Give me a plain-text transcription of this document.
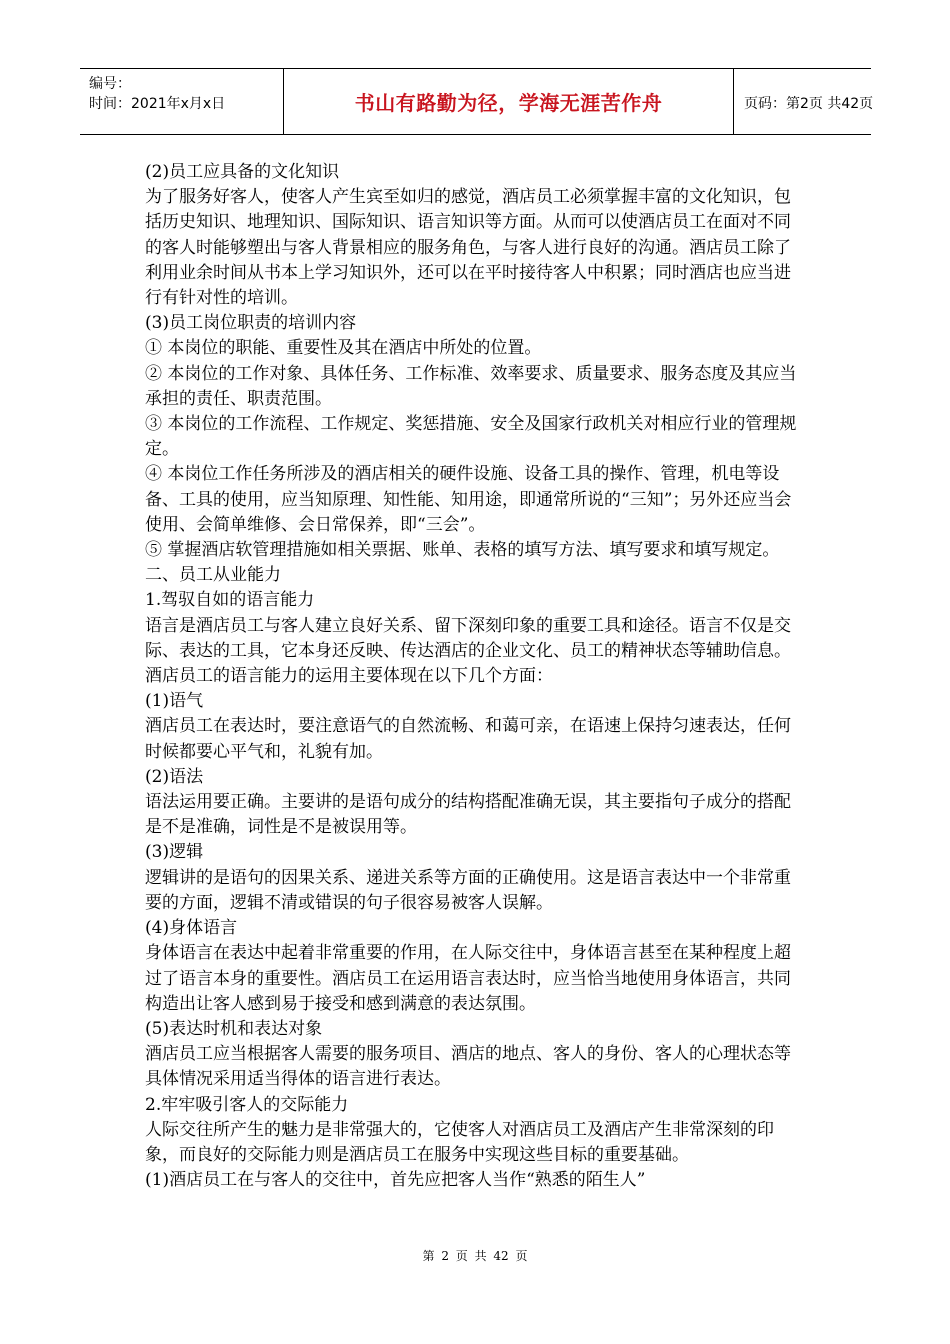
编号：
时间：2021年x月x日	书山有路勤为径，学海无涯苦作舟	页码：第2页 共42页

(2)员工应具备的文化知识

为了服务好客人，使客人产生宾至如归的感觉，酒店员工必须掌握丰富的文化知识，包括历史知识、地理知识、国际知识、语言知识等方面。从而可以使酒店员工在面对不同的客人时能够塑出与客人背景相应的服务角色，与客人进行良好的沟通。酒店员工除了利用业余时间从书本上学习知识外，还可以在平时接待客人中积累；同时酒店也应当进行有针对性的培训。

(3)员工岗位职责的培训内容

① 本岗位的职能、重要性及其在酒店中所处的位置。

② 本岗位的工作对象、具体任务、工作标准、效率要求、质量要求、服务态度及其应当承担的责任、职责范围。

③ 本岗位的工作流程、工作规定、奖惩措施、安全及国家行政机关对相应行业的管理规定。

④ 本岗位工作任务所涉及的酒店相关的硬件设施、设备工具的操作、管理，机电等设备、工具的使用，应当知原理、知性能、知用途，即通常所说的“三知”；另外还应当会使用、会简单维修、会日常保养，即“三会”。

⑤ 掌握酒店软管理措施如相关票据、账单、表格的填写方法、填写要求和填写规定。

二、员工从业能力

1.驾驭自如的语言能力

语言是酒店员工与客人建立良好关系、留下深刻印象的重要工具和途径。语言不仅是交际、表达的工具，它本身还反映、传达酒店的企业文化、员工的精神状态等辅助信息。酒店员工的语言能力的运用主要体现在以下几个方面：

(1)语气

酒店员工在表达时，要注意语气的自然流畅、和蔼可亲，在语速上保持匀速表达，任何时候都要心平气和，礼貌有加。

(2)语法

语法运用要正确。主要讲的是语句成分的结构搭配准确无误，其主要指句子成分的搭配是不是准确，词性是不是被误用等。

(3)逻辑

逻辑讲的是语句的因果关系、递进关系等方面的正确使用。这是语言表达中一个非常重要的方面，逻辑不清或错误的句子很容易被客人误解。

(4)身体语言

身体语言在表达中起着非常重要的作用，在人际交往中，身体语言甚至在某种程度上超过了语言本身的重要性。酒店员工在运用语言表达时，应当恰当地使用身体语言，共同构造出让客人感到易于接受和感到满意的表达氛围。

(5)表达时机和表达对象

酒店员工应当根据客人需要的服务项目、酒店的地点、客人的身份、客人的心理状态等具体情况采用适当得体的语言进行表达。

2.牢牢吸引客人的交际能力

人际交往所产生的魅力是非常强大的，它使客人对酒店员工及酒店产生非常深刻的印象，而良好的交际能力则是酒店员工在服务中实现这些目标的重要基础。

(1)酒店员工在与客人的交往中，首先应把客人当作“熟悉的陌生人”

第 2 页 共 42 页
